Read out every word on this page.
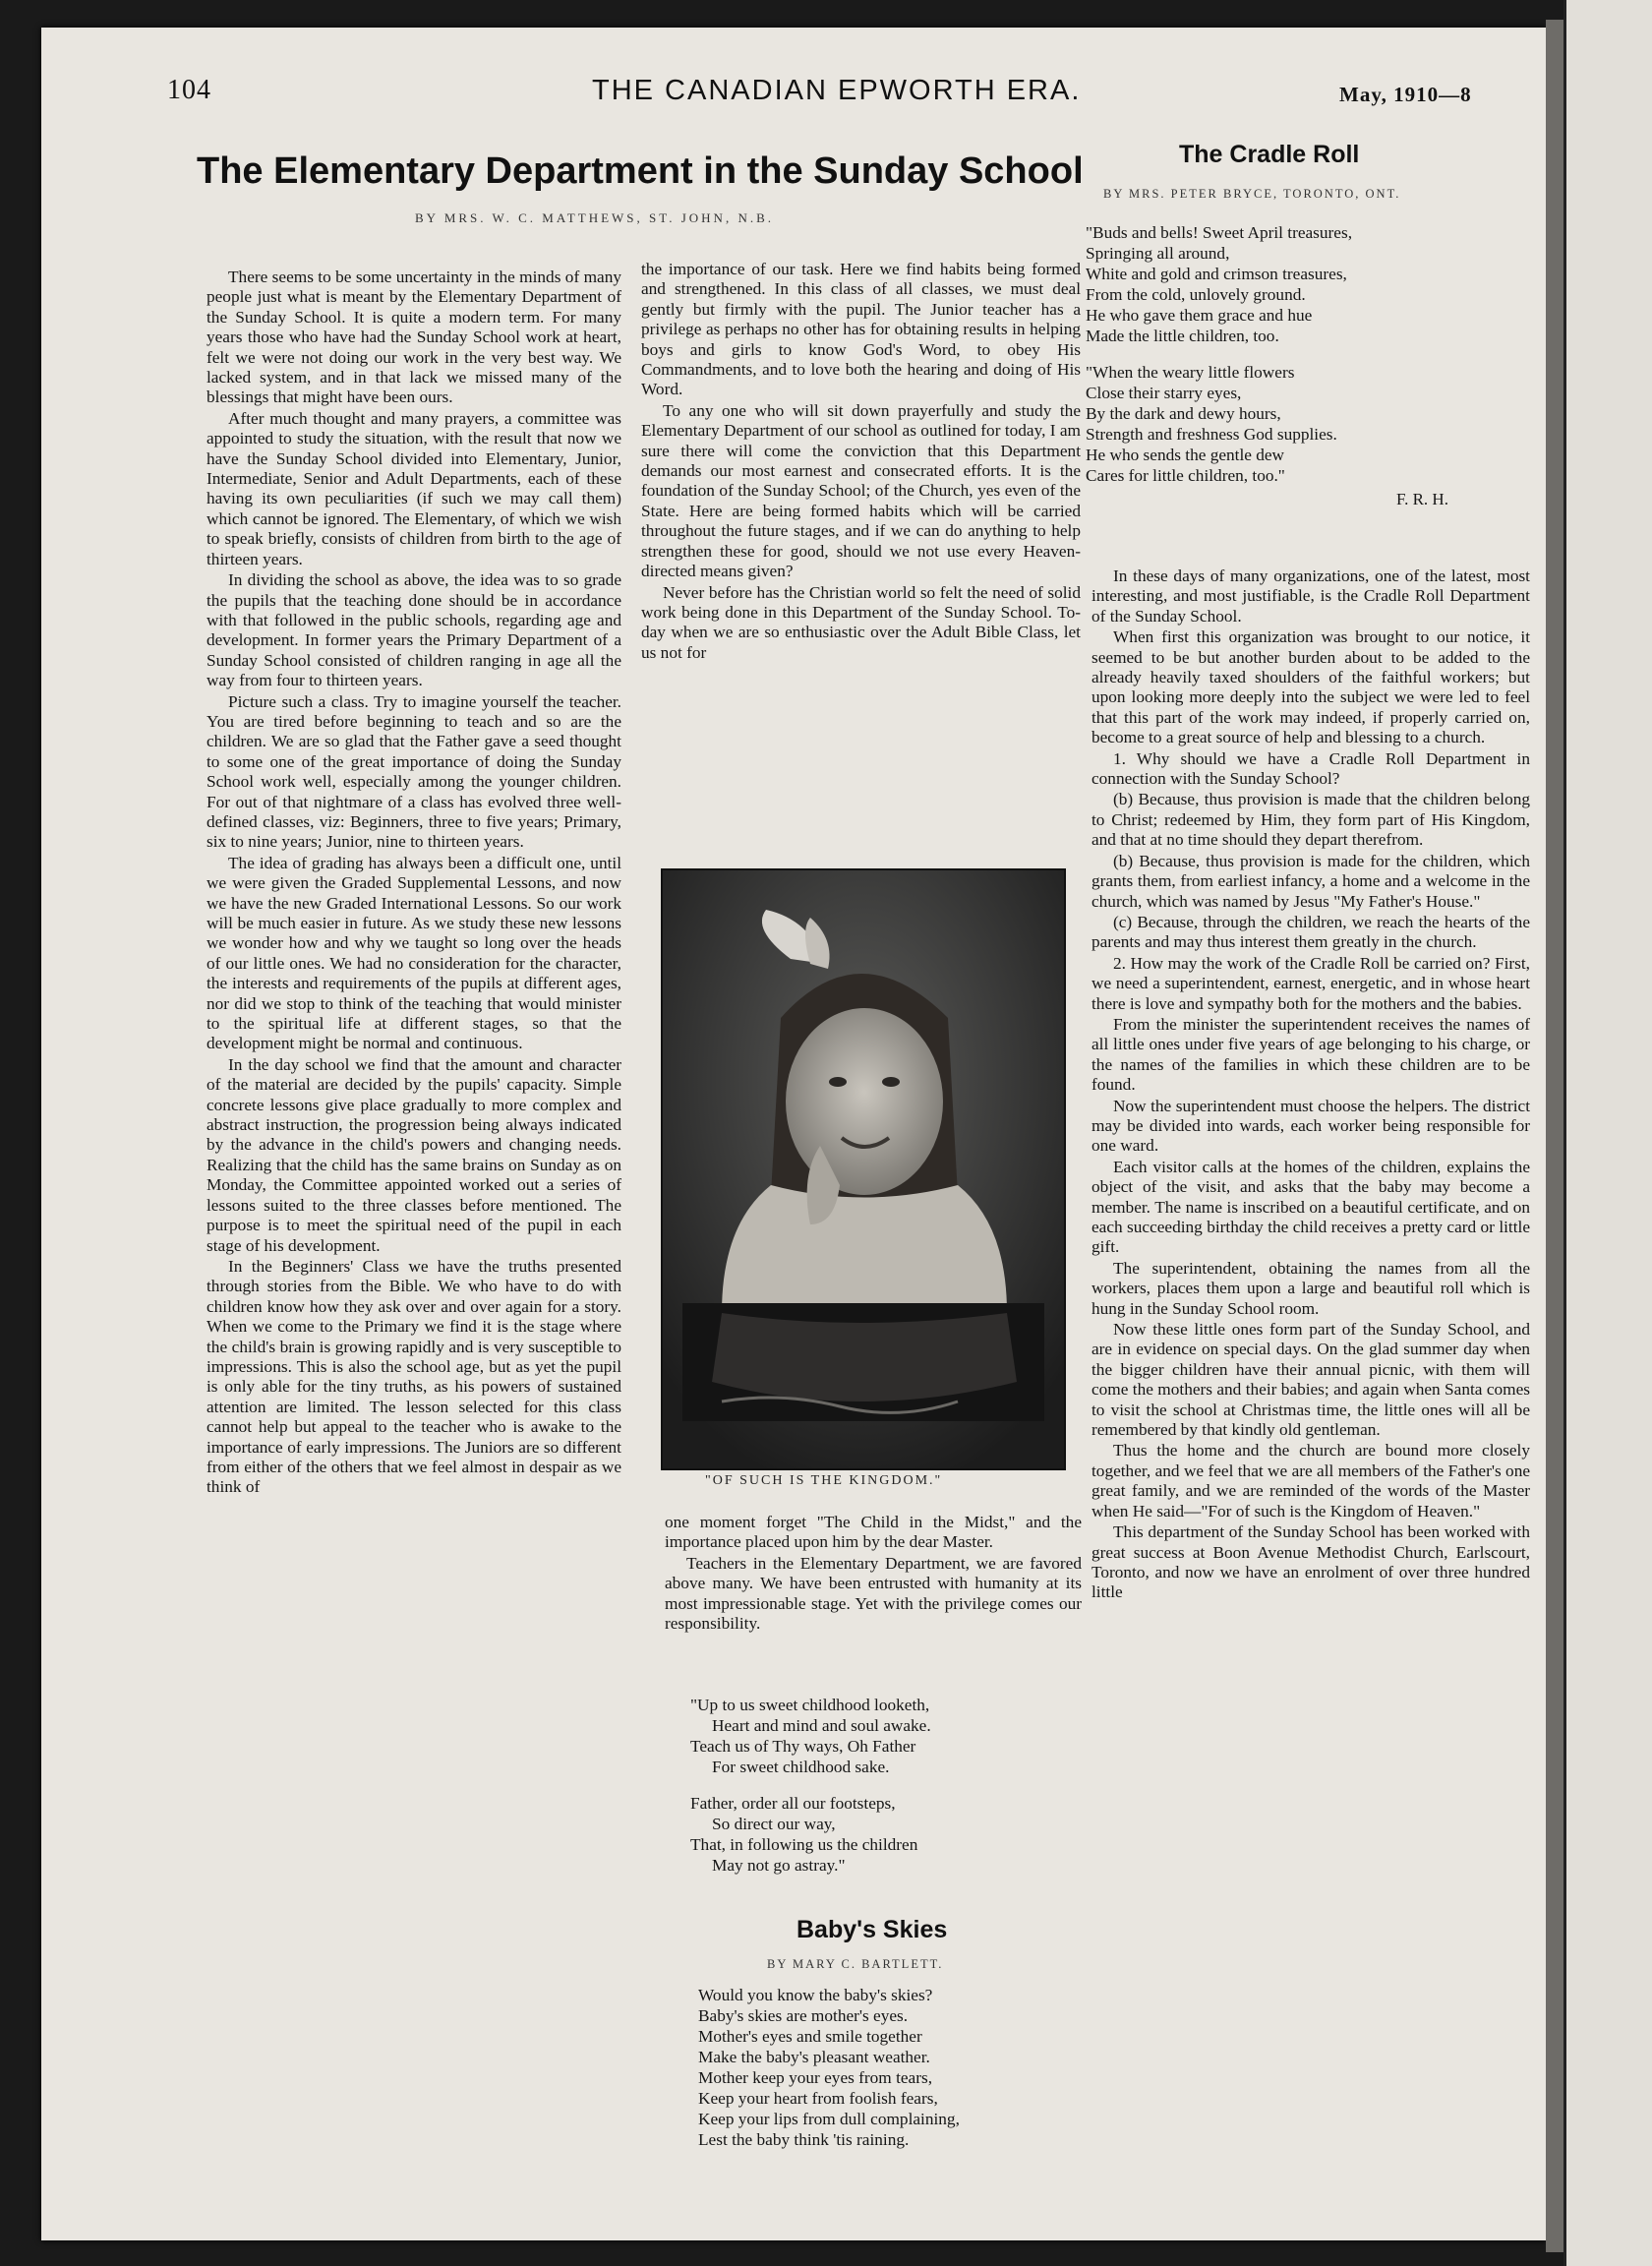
104	THE CANADIAN EPWORTH ERA.	May, 1910—8
The Elementary Department in the Sunday School
BY MRS. W. C. MATTHEWS, ST. JOHN, N.B.

There seems to be some uncertainty in the minds of many people just what is meant by the Elementary Department of the Sunday School. It is quite a modern term. For many years those who have had the Sunday School work at heart, felt we were not doing our work in the very best way. We lacked system, and in that lack we missed many of the blessings that might have been ours.

After much thought and many prayers, a committee was appointed to study the situation, with the result that now we have the Sunday School divided into Elementary, Junior, Intermediate, Senior and Adult Departments, each of these having its own peculiarities (if such we may call them) which cannot be ignored. The Elementary, of which we wish to speak briefly, consists of children from birth to the age of thirteen years.

In dividing the school as above, the idea was to so grade the pupils that the teaching done should be in accordance with that followed in the public schools, regarding age and development. In former years the Primary Department of a Sunday School consisted of children ranging in age all the way from four to thirteen years.

Picture such a class. Try to imagine yourself the teacher. You are tired before beginning to teach and so are the children. We are so glad that the Father gave a seed thought to some one of the great importance of doing the Sunday School work well, especially among the younger children. For out of that nightmare of a class has evolved three well-defined classes, viz: Beginners, three to five years; Primary, six to nine years; Junior, nine to thirteen years.

The idea of grading has always been a difficult one, until we were given the Graded Supplemental Lessons, and now we have the new Graded International Lessons. So our work will be much easier in future. As we study these new lessons we wonder how and why we taught so long over the heads of our little ones. We had no consideration for the character, the interests and requirements of the pupils at different ages, nor did we stop to think of the teaching that would minister to the spiritual life at different stages, so that the development might be normal and continuous.

In the day school we find that the amount and character of the material are decided by the pupils' capacity. Simple concrete lessons give place gradually to more complex and abstract instruction, the progression being always indicated by the advance in the child's powers and changing needs. Realizing that the child has the same brains on Sunday as on Monday, the Committee appointed worked out a series of lessons suited to the three classes before mentioned. The purpose is to meet the spiritual need of the pupil in each stage of his development.

In the Beginners' Class we have the truths presented through stories from the Bible. We who have to do with children know how they ask over and over again for a story. When we come to the Primary we find it is the stage where the child's brain is growing rapidly and is very susceptible to impressions. This is also the school age, but as yet the pupil is only able for the tiny truths, as his powers of sustained attention are limited. The lesson selected for this class cannot help but appeal to the teacher who is awake to the importance of early impressions. The Juniors are so different from either of the others that we feel almost in despair as we think of

the importance of our task. Here we find habits being formed and strengthened. In this class of all classes, we must deal gently but firmly with the pupil. The Junior teacher has a privilege as perhaps no other has for obtaining results in helping boys and girls to know God's Word, to obey His Commandments, and to love both the hearing and doing of His Word.

To any one who will sit down prayerfully and study the Elementary Department of our school as outlined for today, I am sure there will come the conviction that this Department demands our most earnest and consecrated efforts. It is the foundation of the Sunday School; of the Church, yes even of the State. Here are being formed habits which will be carried throughout the future stages, and if we can do anything to help strengthen these for good, should we not use every Heaven-directed means given?

Never before has the Christian world so felt the need of solid work being done in this Department of the Sunday School. To-day when we are so enthusiastic over the Adult Bible Class, let us not for

"OF SUCH IS THE KINGDOM."

one moment forget "The Child in the Midst," and the importance placed upon him by the dear Master.

Teachers in the Elementary Department, we are favored above many. We have been entrusted with humanity at its most impressionable stage. Yet with the privilege comes our responsibility.

"Up to us sweet childhood looketh,
Heart and mind and soul awake.
Teach us of Thy ways, Oh Father
For sweet childhood sake.
Father, order all our footsteps,
So direct our way,
That, in following us the children
May not go astray."
Baby's Skies
BY MARY C. BARTLETT.
Would you know the baby's skies?
Baby's skies are mother's eyes.
Mother's eyes and smile together
Make the baby's pleasant weather.
Mother keep your eyes from tears,
Keep your heart from foolish fears,
Keep your lips from dull complaining,
Lest the baby think 'tis raining.
The Cradle Roll
BY MRS. PETER BRYCE, TORONTO, ONT.
"Buds and bells! Sweet April treasures,
Springing all around,
White and gold and crimson treasures,
From the cold, unlovely ground.
He who gave them grace and hue
Made the little children, too.
"When the weary little flowers
Close their starry eyes,
By the dark and dewy hours,
Strength and freshness God supplies.
He who sends the gentle dew
Cares for little children, too."
F. R. H.

In these days of many organizations, one of the latest, most interesting, and most justifiable, is the Cradle Roll Department of the Sunday School.

When first this organization was brought to our notice, it seemed to be but another burden about to be added to the already heavily taxed shoulders of the faithful workers; but upon looking more deeply into the subject we were led to feel that this part of the work may indeed, if properly carried on, become to a great source of help and blessing to a church.

1. Why should we have a Cradle Roll Department in connection with the Sunday School?

(b) Because, thus provision is made that the children belong to Christ; redeemed by Him, they form part of His Kingdom, and that at no time should they depart therefrom.

(b) Because, thus provision is made for the children, which grants them, from earliest infancy, a home and a welcome in the church, which was named by Jesus "My Father's House."

(c) Because, through the children, we reach the hearts of the parents and may thus interest them greatly in the church.

2. How may the work of the Cradle Roll be carried on? First, we need a superintendent, earnest, energetic, and in whose heart there is love and sympathy both for the mothers and the babies.

From the minister the superintendent receives the names of all little ones under five years of age belonging to his charge, or the names of the families in which these children are to be found.

Now the superintendent must choose the helpers. The district may be divided into wards, each worker being responsible for one ward.

Each visitor calls at the homes of the children, explains the object of the visit, and asks that the baby may become a member. The name is inscribed on a beautiful certificate, and on each succeeding birthday the child receives a pretty card or little gift.

The superintendent, obtaining the names from all the workers, places them upon a large and beautiful roll which is hung in the Sunday School room.

Now these little ones form part of the Sunday School, and are in evidence on special days. On the glad summer day when the bigger children have their annual picnic, with them will come the mothers and their babies; and again when Santa comes to visit the school at Christmas time, the little ones will all be remembered by that kindly old gentleman.

Thus the home and the church are bound more closely together, and we feel that we are all members of the Father's one great family, and we are reminded of the words of the Master when He said—"For of such is the Kingdom of Heaven."

This department of the Sunday School has been worked with great success at Boon Avenue Methodist Church, Earlscourt, Toronto, and now we have an enrolment of over three hundred little
